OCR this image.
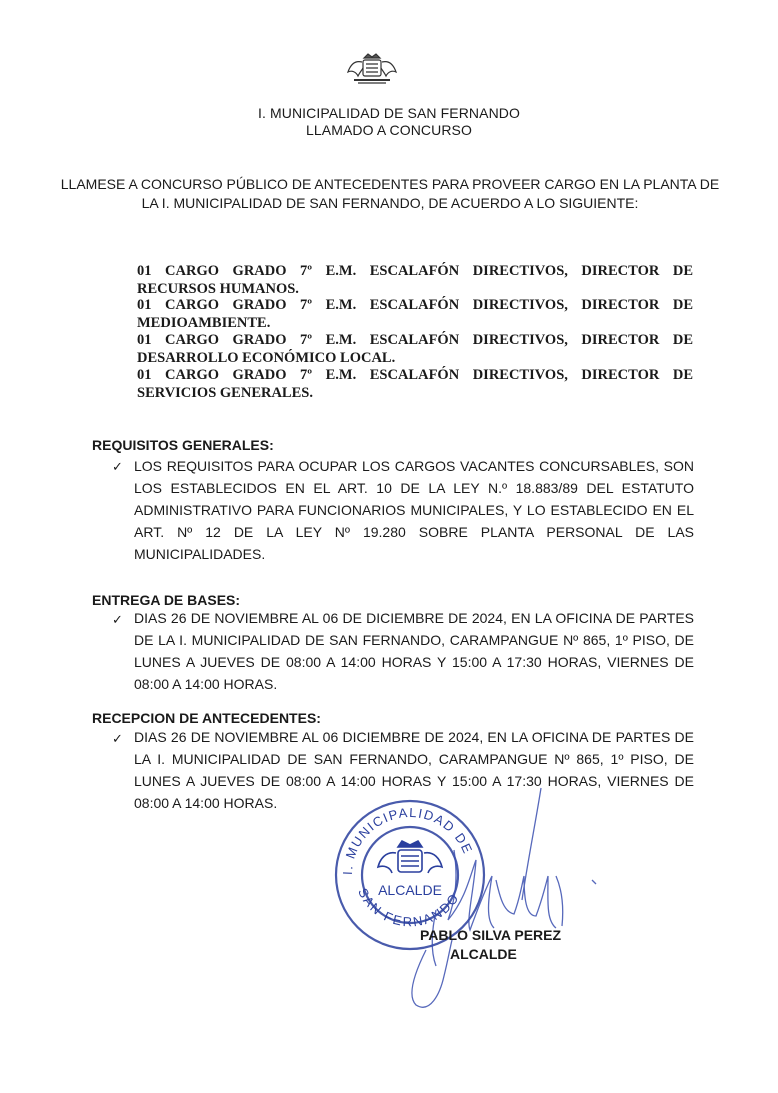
I. MUNICIPALIDAD DE SAN FERNANDO
LLAMADO A CONCURSO
LLAMESE A CONCURSO PÚBLICO DE ANTECEDENTES PARA PROVEER CARGO EN LA PLANTA DE LA I. MUNICIPALIDAD DE SAN FERNANDO, DE ACUERDO A LO SIGUIENTE:
01 CARGO GRADO 7º E.M. ESCALAFÓN DIRECTIVOS, DIRECTOR DE RECURSOS HUMANOS.
01 CARGO GRADO 7º E.M. ESCALAFÓN DIRECTIVOS, DIRECTOR DE MEDIOAMBIENTE.
01 CARGO GRADO 7º E.M. ESCALAFÓN DIRECTIVOS, DIRECTOR DE DESARROLLO ECONÓMICO LOCAL.
01 CARGO GRADO 7º E.M. ESCALAFÓN DIRECTIVOS, DIRECTOR DE SERVICIOS GENERALES.
REQUISITOS GENERALES:
✓ LOS REQUISITOS PARA OCUPAR LOS CARGOS VACANTES CONCURSABLES, SON LOS ESTABLECIDOS EN EL ART. 10 DE LA LEY N.º 18.883/89 DEL ESTATUTO ADMINISTRATIVO PARA FUNCIONARIOS MUNICIPALES, Y LO ESTABLECIDO EN EL ART. Nº 12 DE LA LEY Nº 19.280 SOBRE PLANTA PERSONAL DE LAS MUNICIPALIDADES.
ENTREGA DE BASES:
✓ DIAS 26 DE NOVIEMBRE AL 06 DE DICIEMBRE DE 2024, EN LA OFICINA DE PARTES DE LA I. MUNICIPALIDAD DE SAN FERNANDO, CARAMPANGUE Nº 865, 1º PISO, DE LUNES A JUEVES DE 08:00 A 14:00 HORAS Y 15:00 A 17:30 HORAS, VIERNES DE 08:00 A 14:00 HORAS.
RECEPCION DE ANTECEDENTES:
✓ DIAS 26 DE NOVIEMBRE AL 06 DICIEMBRE DE 2024, EN LA OFICINA DE PARTES DE LA I. MUNICIPALIDAD DE SAN FERNANDO, CARAMPANGUE Nº 865, 1º PISO, DE LUNES A JUEVES DE 08:00 A 14:00 HORAS Y 15:00 A 17:30 HORAS, VIERNES DE 08:00 A 14:00 HORAS.
I. MUNICIPALIDAD DE
SAN FERNANDO
ALCALDE
PABLO SILVA PEREZ
ALCALDE
